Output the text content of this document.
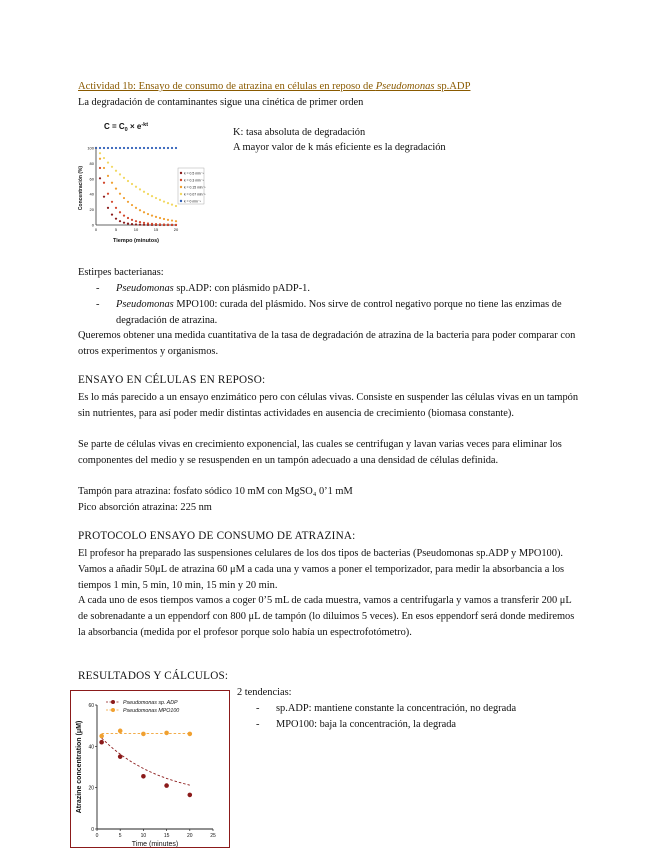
Actividad 1b: Ensayo de consumo de atrazina en células en reposo de Pseudomonas sp.ADP
La degradación de contaminantes sigue una cinética de primer orden
$C = C_0 \times e^{-kt}$
100
80
60
40
20
0
0	5	10	15	20
Tiempo (minutos)
Concentración (%)	k = 0.5 min⁻¹
k = 0.3 min⁻¹
k = 0.15 min⁻¹
k = 0.07 min⁻¹
k = 0 min⁻¹
K: tasa absoluta de degradación
A mayor valor de k más eficiente es la degradación
Estirpes bacterianas:
- Pseudomonas sp.ADP: con plásmido pADP-1.
- Pseudomonas MPO100: curada del plásmido. Nos sirve de control negativo porque no tiene las enzimas de degradación de atrazina.
Queremos obtener una medida cuantitativa de la tasa de degradación de atrazina de la bacteria para poder comparar con otros experimentos y organismos.
ENSAYO EN CÉLULAS EN REPOSO:
Es lo más parecido a un ensayo enzimático pero con células vivas. Consiste en suspender las células vivas en un tampón sin nutrientes, para así poder medir distintas actividades en ausencia de crecimiento (biomasa constante).
Se parte de células vivas en crecimiento exponencial, las cuales se centrifugan y lavan varias veces para eliminar los componentes del medio y se resuspenden en un tampón adecuado a una densidad de células definida.
Tampón para atrazina: fosfato sódico 10 mM con MgSO₄ 0’1 mM
Pico absorción atrazina: 225 nm
PROTOCOLO ENSAYO DE CONSUMO DE ATRAZINA:
El profesor ha preparado las suspensiones celulares de los dos tipos de bacterias (Pseudomonas sp.ADP y MPO100). Vamos a añadir 50μL de atrazina 60 μM a cada una y vamos a poner el temporizador, para medir la absorbancia a los tiempos 1 min, 5 min, 10 min, 15 min y 20 min.
A cada uno de esos tiempos vamos a coger 0’5 mL de cada muestra, vamos a centrifugarla y vamos a transferir 200 μL de sobrenadante a un eppendorf con 800 μL de tampón (lo diluimos 5 veces). En esos eppendorf será donde mediremos la absorbancia (medida por el profesor porque solo había un espectrofotómetro).
RESULTADOS Y CÁLCULOS:
2 tendencias:
- sp.ADP: mantiene constante la concentración, no degrada
- MPO100: baja la concentración, la degrada
0
20
40
60
0	5	10	15	20	25
Time (minutes)
Atrazine concentration (μM)
Pseudomonas sp. ADP
Pseudomonas MPO100
